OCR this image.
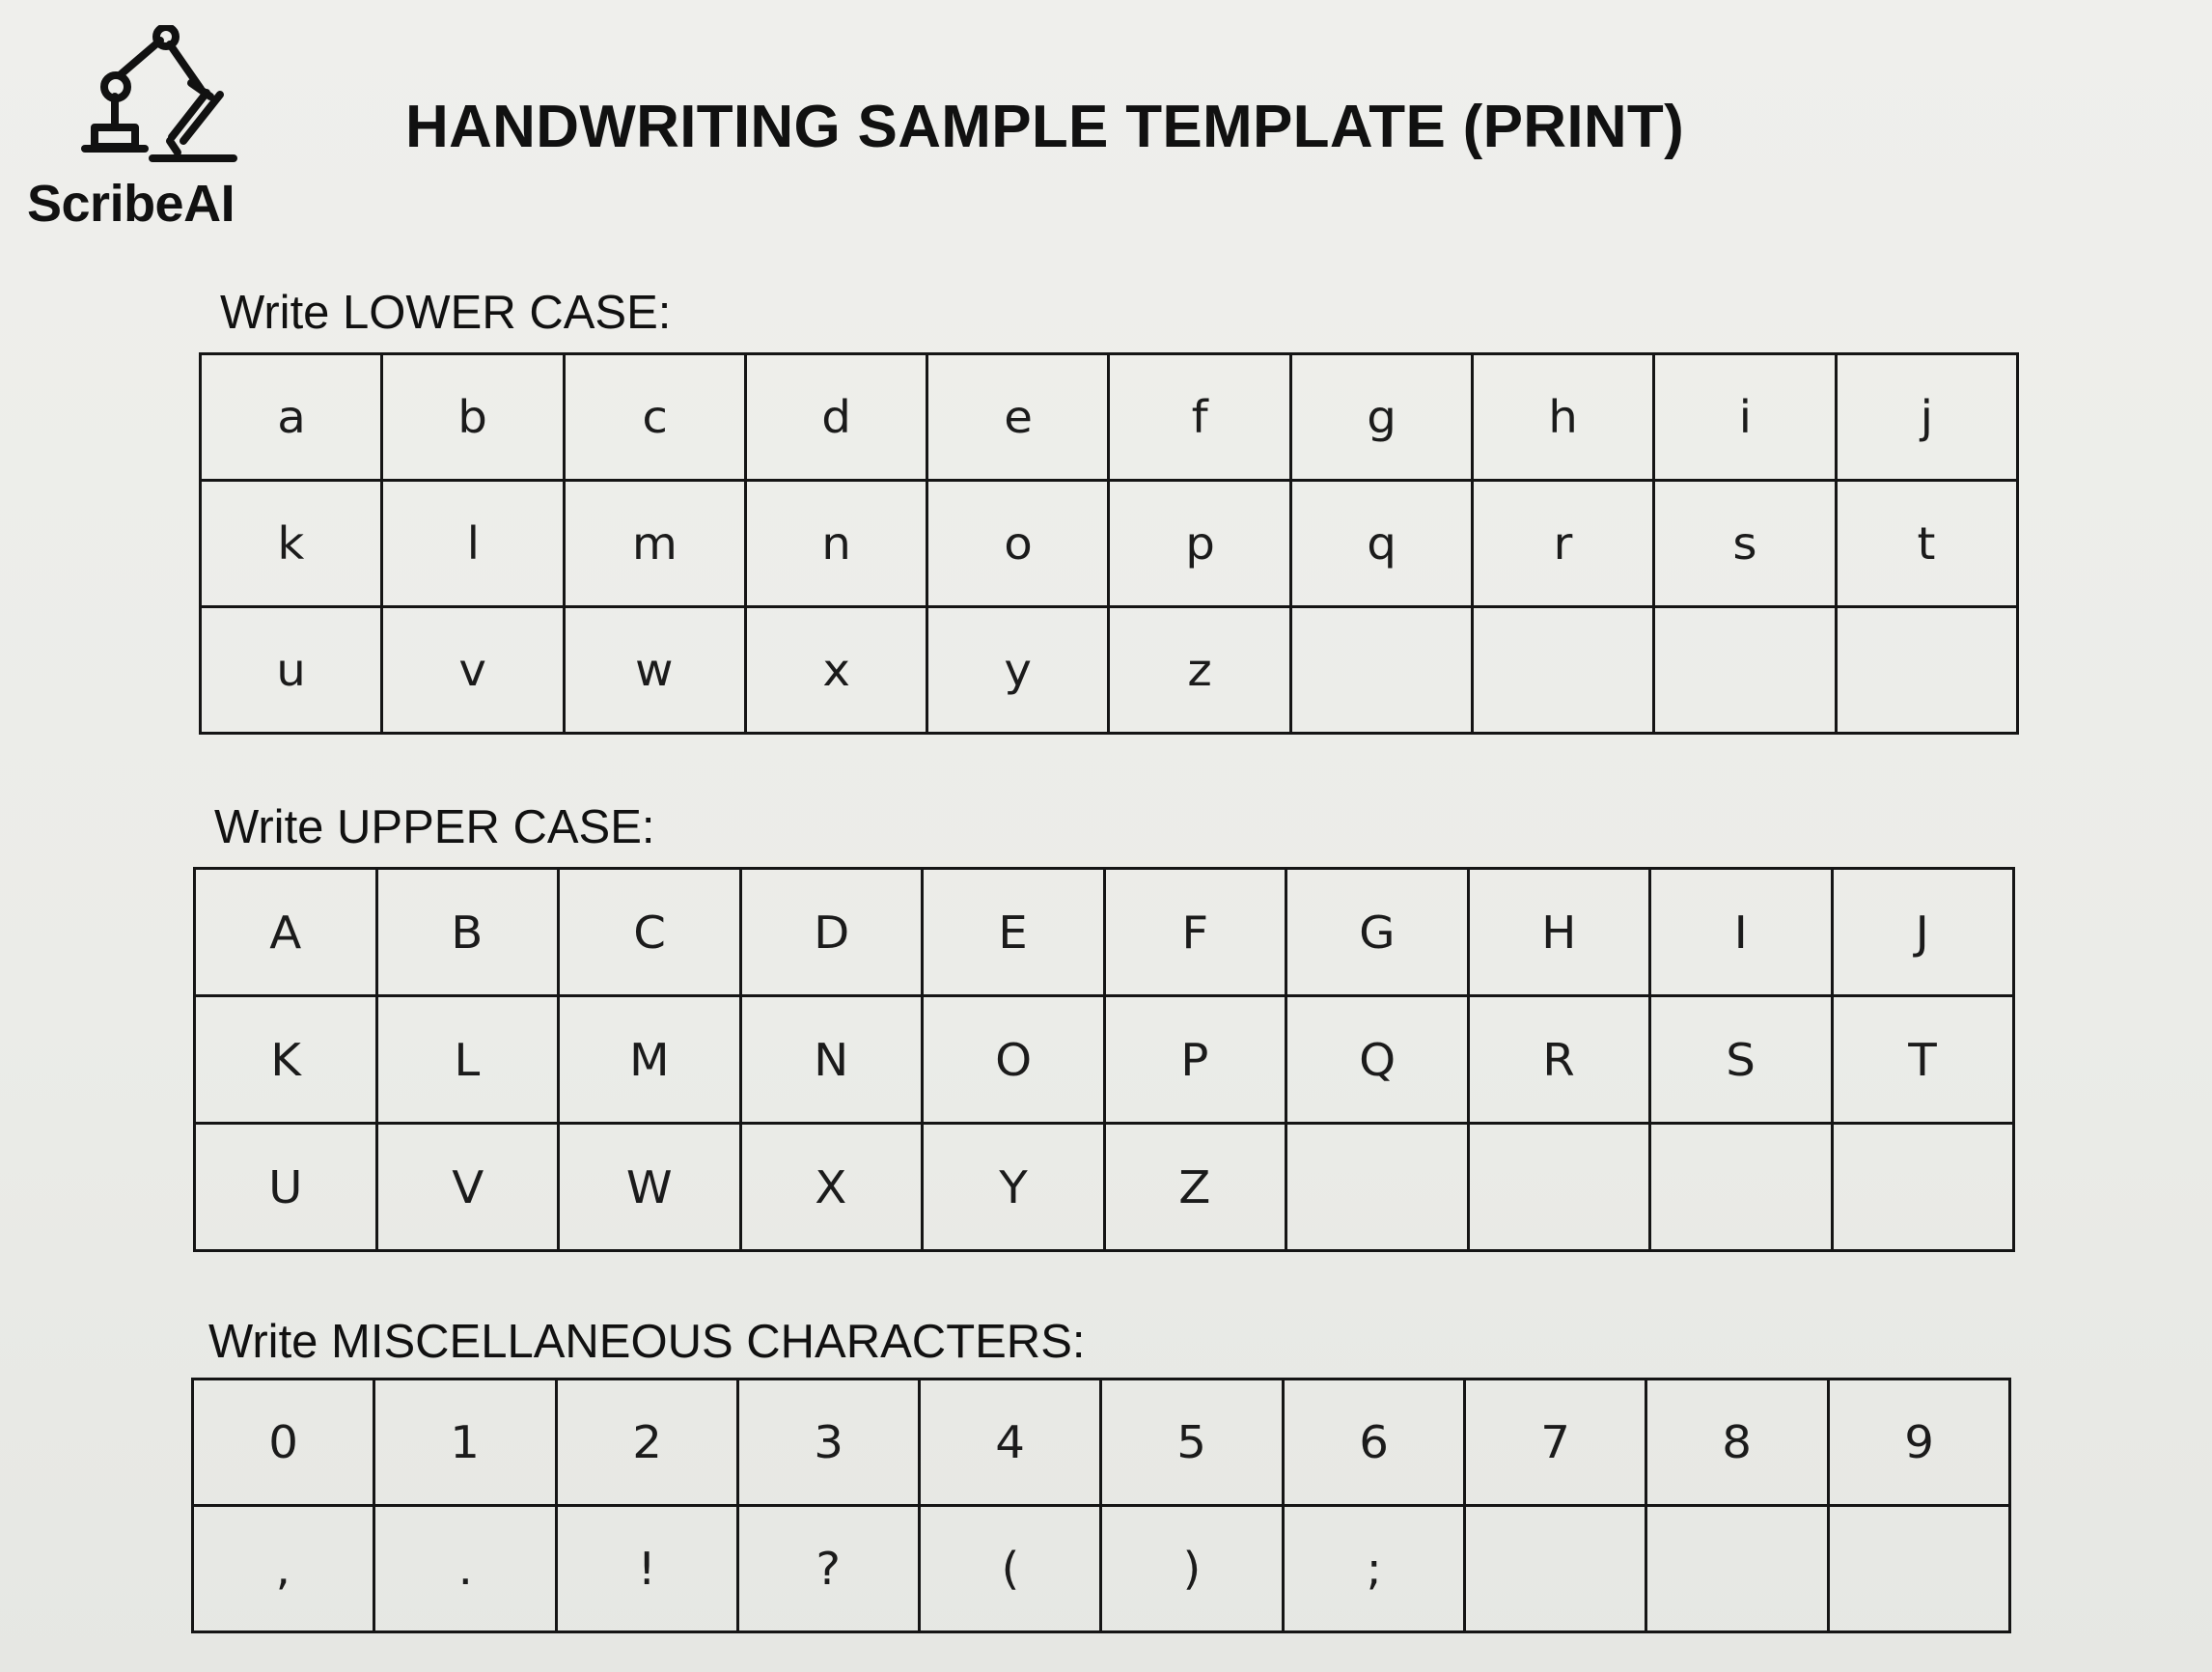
ScribeAI
HANDWRITING SAMPLE TEMPLATE (PRINT)
Write LOWER CASE:
a	b	c	d	e	f	g	h	i	j
k	l	m	n	o	p	q	r	s	t
u	v	w	x	y	z				
Write UPPER CASE:
A	B	C	D	E	F	G	H	I	J
K	L	M	N	O	P	Q	R	S	T
U	V	W	X	Y	Z				
Write MISCELLANEOUS CHARACTERS:
0	1	2	3	4	5	6	7	8	9
,	.	!	?	(	)	;			
